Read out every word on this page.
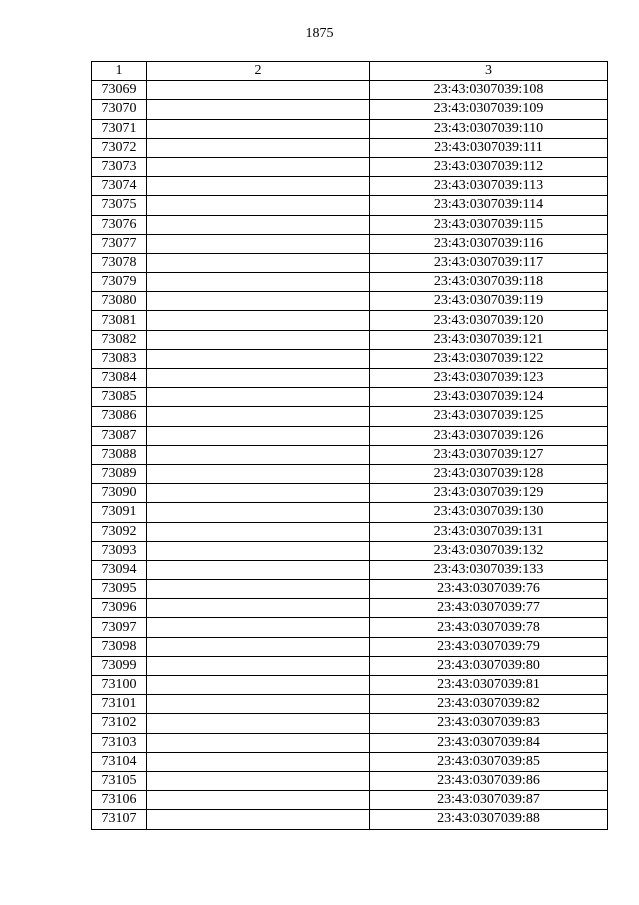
1875
1	2	3
73069		23:43:0307039:108
73070		23:43:0307039:109
73071		23:43:0307039:110
73072		23:43:0307039:111
73073		23:43:0307039:112
73074		23:43:0307039:113
73075		23:43:0307039:114
73076		23:43:0307039:115
73077		23:43:0307039:116
73078		23:43:0307039:117
73079		23:43:0307039:118
73080		23:43:0307039:119
73081		23:43:0307039:120
73082		23:43:0307039:121
73083		23:43:0307039:122
73084		23:43:0307039:123
73085		23:43:0307039:124
73086		23:43:0307039:125
73087		23:43:0307039:126
73088		23:43:0307039:127
73089		23:43:0307039:128
73090		23:43:0307039:129
73091		23:43:0307039:130
73092		23:43:0307039:131
73093		23:43:0307039:132
73094		23:43:0307039:133
73095		23:43:0307039:76
73096		23:43:0307039:77
73097		23:43:0307039:78
73098		23:43:0307039:79
73099		23:43:0307039:80
73100		23:43:0307039:81
73101		23:43:0307039:82
73102		23:43:0307039:83
73103		23:43:0307039:84
73104		23:43:0307039:85
73105		23:43:0307039:86
73106		23:43:0307039:87
73107		23:43:0307039:88
